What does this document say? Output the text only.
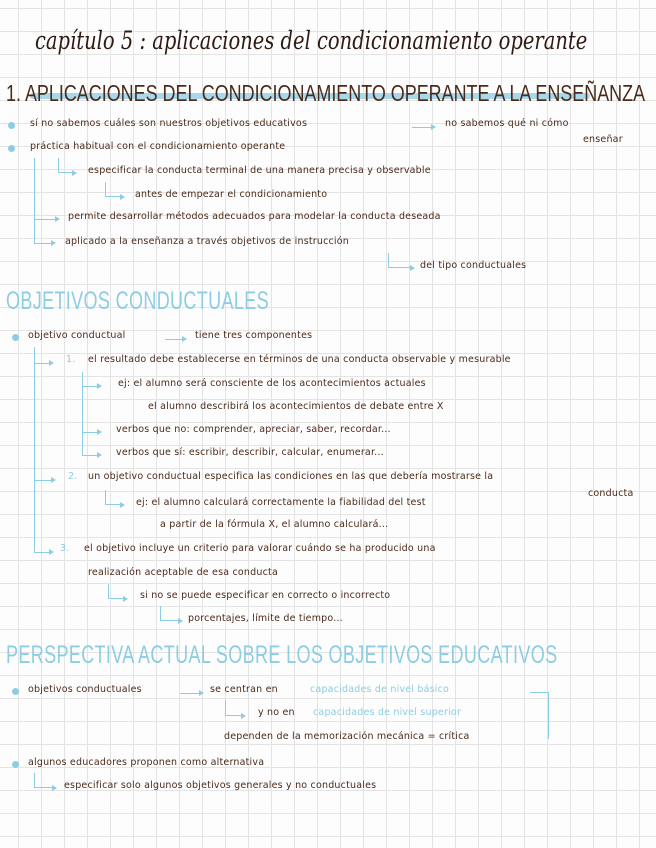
capítulo 5 : aplicaciones del condicionamiento operante
1. APLICACIONES DEL CONDICIONAMIENTO OPERANTE A LA ENSEÑANZA
sí no sabemos cuáles son nuestros objetivos educativos	no sabemos qué ni cómo
enseñar
práctica habitual con el condicionamiento operante
especificar la conducta terminal de una manera precisa y observable
antes de empezar el condicionamiento
permite desarrollar métodos adecuados para modelar la conducta deseada
aplicado a la enseñanza a través objetivos de instrucción
del tipo conductuales
OBJETIVOS CONDUCTUALES
objetivo conductual	tiene tres componentes
1. el resultado debe establecerse en términos de una conducta observable y mesurable
ej: el alumno será consciente de los acontecimientos actuales
el alumno describirá los acontecimientos de debate entre X
verbos que no: comprender, apreciar, saber, recordar...
verbos que sí: escribir, describir, calcular, enumerar...
2. un objetivo conductual especifica las condiciones en las que debería mostrarse la
conducta
ej: el alumno calculará correctamente la fiabilidad del test
a partir de la fórmula X, el alumno calculará...
3. el objetivo incluye un criterio para valorar cuándo se ha producido una
realización aceptable de esa conducta
si no se puede especificar en correcto o incorrecto
porcentajes, límite de tiempo...
PERSPECTIVA ACTUAL SOBRE LOS OBJETIVOS EDUCATIVOS
objetivos conductuales	se centran en	capacidades de nivel básico
y no en capacidades de nivel superior
dependen de la memorización mecánica = crítica
algunos educadores proponen como alternativa
especificar solo algunos objetivos generales y no conductuales
